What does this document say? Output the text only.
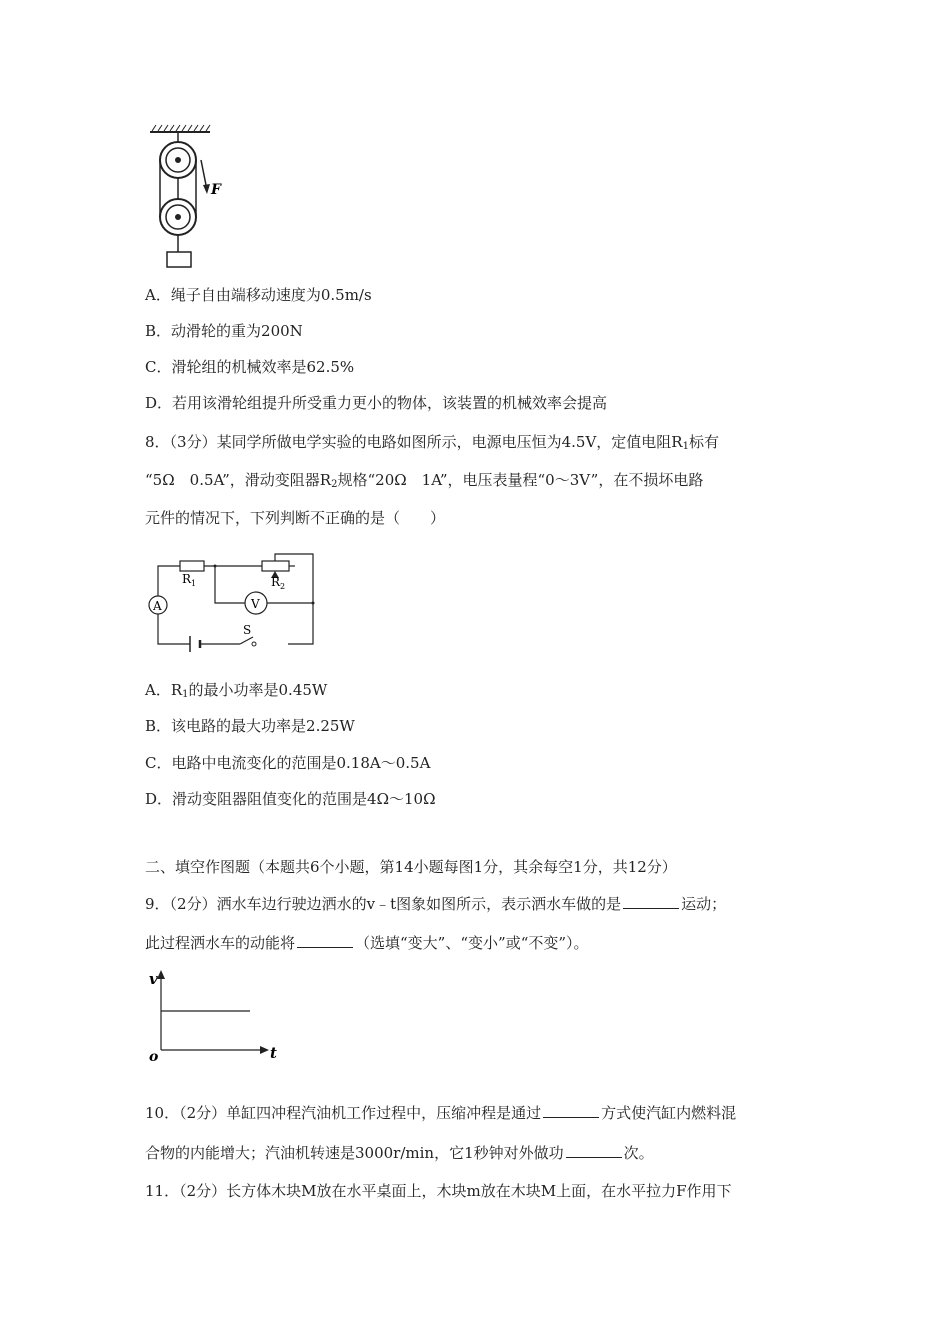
F
A．绳子自由端移动速度为0.5m/s
B．动滑轮的重为200N
C．滑轮组的机械效率是62.5%
D．若用该滑轮组提升所受重力更小的物体，该装置的机械效率会提高
8．（3分）某同学所做电学实验的电路如图所示，电源电压恒为4.5V，定值电阻$R_1$标有
“5Ω　0.5A”，滑动变阻器$R_2$规格“20Ω　1A”，电压表量程“0～3V”，在不损坏电路
元件的情况下，下列判断不正确的是（　　）
A	V
$R_1$	$R_2$
S
A．$R_1$的最小功率是0.45W
B．该电路的最大功率是2.25W
C．电路中电流变化的范围是0.18A～0.5A
D．滑动变阻器阻值变化的范围是4Ω～10Ω
二、填空作图题（本题共6个小题，第14小题每图1分，其余每空1分，共12分）
9．（2分）洒水车边行驶边洒水的v﹣t图象如图所示，表示洒水车做的是	运动；
此过程洒水车的动能将	（选填“变大”、“变小”或“不变”）。
v
t
o
10．（2分）单缸四冲程汽油机工作过程中，压缩冲程是通过	方式使汽缸内燃料混
合物的内能增大；汽油机转速是3000r/min，它1秒钟对外做功	次。
11．（2分）长方体木块M放在水平桌面上，木块m放在木块M上面，在水平拉力F作用下
